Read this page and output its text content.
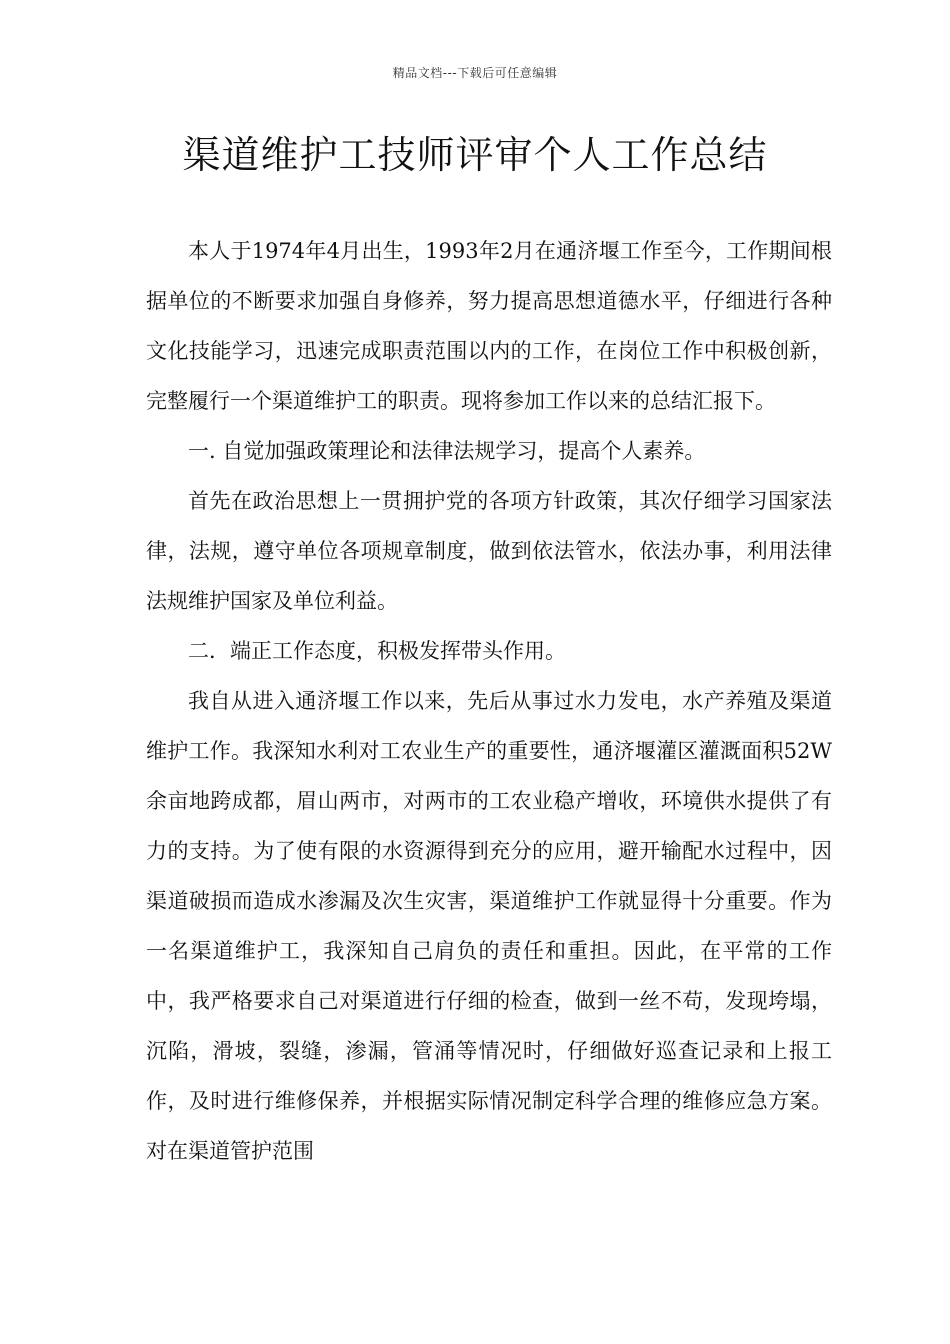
精品文档---下载后可任意编辑
渠道维护工技师评审个人工作总结

本人于1974年4月出生，1993年2月在通济堰工作至今，工作期间根据单位的不断要求加强自身修养，努力提高思想道德水平，仔细进行各种文化技能学习，迅速完成职责范围以内的工作，在岗位工作中积极创新，完整履行一个渠道维护工的职责。现将参加工作以来的总结汇报下。

一. 自觉加强政策理论和法律法规学习，提高个人素养。

首先在政治思想上一贯拥护党的各项方针政策，其次仔细学习国家法律，法规，遵守单位各项规章制度，做到依法管水，依法办事，利用法律法规维护国家及单位利益。

二．端正工作态度，积极发挥带头作用。

我自从进入通济堰工作以来，先后从事过水力发电，水产养殖及渠道维护工作。我深知水利对工农业生产的重要性，通济堰灌区灌溉面积52W余亩地跨成都，眉山两市，对两市的工农业稳产增收，环境供水提供了有力的支持。为了使有限的水资源得到充分的应用，避开输配水过程中，因渠道破损而造成水渗漏及次生灾害，渠道维护工作就显得十分重要。作为一名渠道维护工，我深知自己肩负的责任和重担。因此，在平常的工作中，我严格要求自己对渠道进行仔细的检查，做到一丝不苟，发现垮塌，沉陷，滑坡，裂缝，渗漏，管涌等情况时，仔细做好巡查记录和上报工作，及时进行维修保养，并根据实际情况制定科学合理的维修应急方案。对在渠道管护范围
